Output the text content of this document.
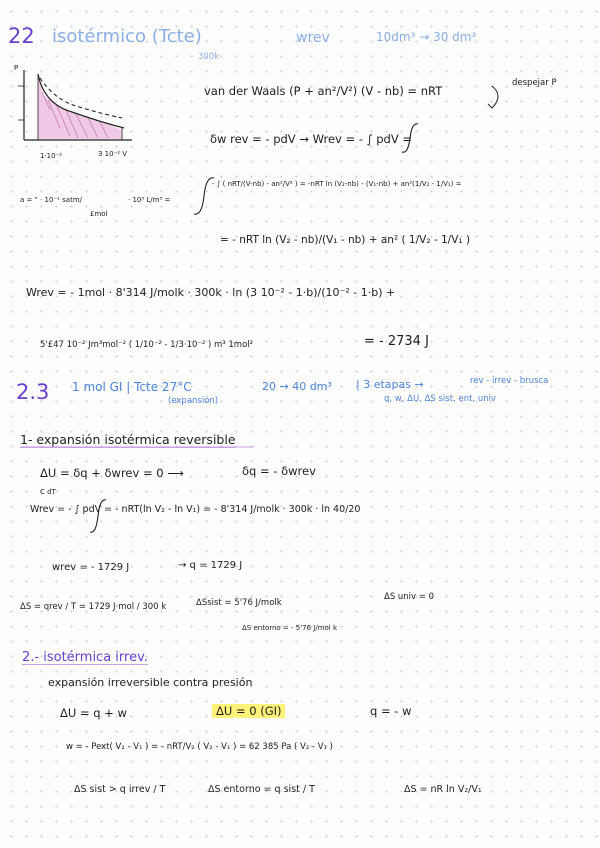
22 isotérmico (Tcte)	wrev	10dm³ → 30 dm³
300k
P
1·10⁻²	3 10⁻² V
van der Waals (P + an²/V²) (V - nb) = nRT
despejar P
δw rev = - pdV → Wrev = - ∫ pdV =
a = " · 10⁻¹ satm/
£mol
· 10³ L/m³ =
- ∫ ( nRT/(V-nb) - an²/V² ) = -nRT ln (V₂-nb) - (V₁-nb) + an²(1/V₂ - 1/V₁) =
= - nRT ln (V₂ - nb)/(V₁ - nb) + an² ( 1/V₂ - 1/V₁ )
Wrev = - 1mol · 8'314 J/molk · 300k · ln (3 10⁻² - 1·b)/(10⁻² - 1·b) +
5'£47 10⁻² Jm³mol⁻² ( 1/10⁻² - 1/3·10⁻² ) m³ 1mol²	= - 2734 J
2.3 1 mol GI | Tcte 27°C
(expansión)
20 → 40 dm³ | 3 etapas →	rev - irrev - brusca
q, w, ΔU, ΔS sist, ent, univ
1- expansión isotérmica reversible
ΔU = δq + δwrev = 0 ⟶	δq = - δwrev
C dT
Wrev = - ∫ pdV = - nRT(ln V₂ - ln V₁) = - 8'314 J/molk · 300k · ln 40/20
wrev = - 1729 J	→ q = 1729 J
ΔS = qrev / T = 1729 J·mol / 300 k	ΔSsist = 5'76 J/molk
ΔS univ = 0
ΔS entorno = - 5'76 J/mol k
2.- isotérmica irrev.
expansión irreversible contra presión
ΔU = q + w	ΔU = 0 (GI)	q = - w
w = - Pext( V₂ - V₁ ) = - nRT/V₂ ( V₂ - V₁ ) = 62 385 Pa ( V₂ - V₁ )
ΔS sist > q irrev / T	ΔS entorno = q sist / T	ΔS = nR ln V₂/V₁
